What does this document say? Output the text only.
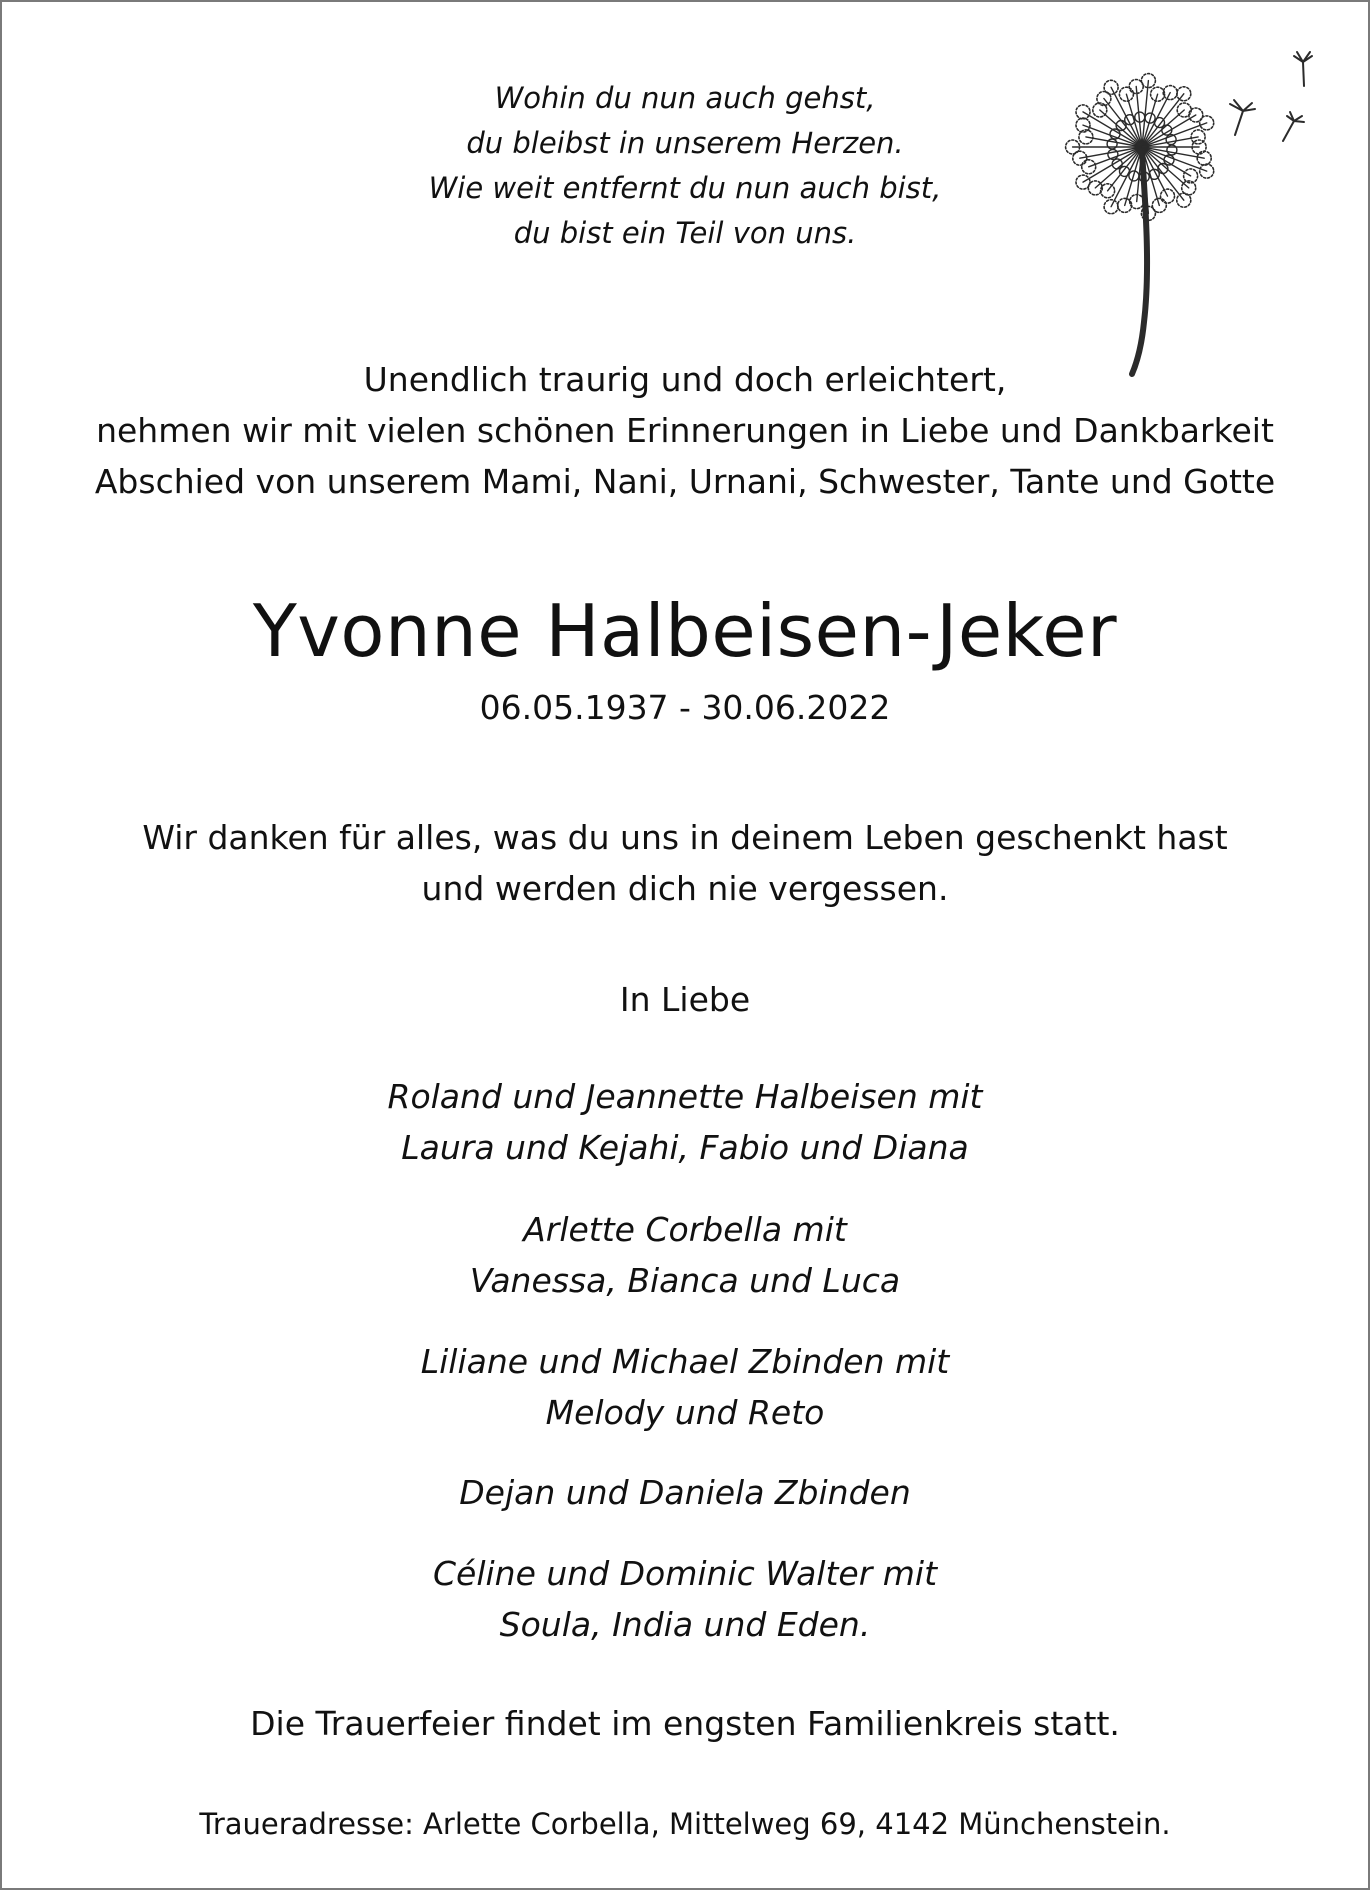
Wohin du nun auch gehst,
du bleibst in unserem Herzen.
Wie weit entfernt du nun auch bist,
du bist ein Teil von uns.
Unendlich traurig und doch erleichtert,
nehmen wir mit vielen schönen Erinnerungen in Liebe und Dankbarkeit
Abschied von unserem Mami, Nani, Urnani, Schwester, Tante und Gotte
Yvonne Halbeisen-Jeker
06.05.1937 - 30.06.2022
Wir danken für alles, was du uns in deinem Leben geschenkt hast
und werden dich nie vergessen.
In Liebe
Roland und Jeannette Halbeisen mit
Laura und Kejahi, Fabio und Diana
Arlette Corbella mit
Vanessa, Bianca und Luca
Liliane und Michael Zbinden mit
Melody und Reto
Dejan und Daniela Zbinden
Céline und Dominic Walter mit
Soula, India und Eden.
Die Trauerfeier findet im engsten Familienkreis statt.
Traueradresse: Arlette Corbella, Mittelweg 69, 4142 Münchenstein.
